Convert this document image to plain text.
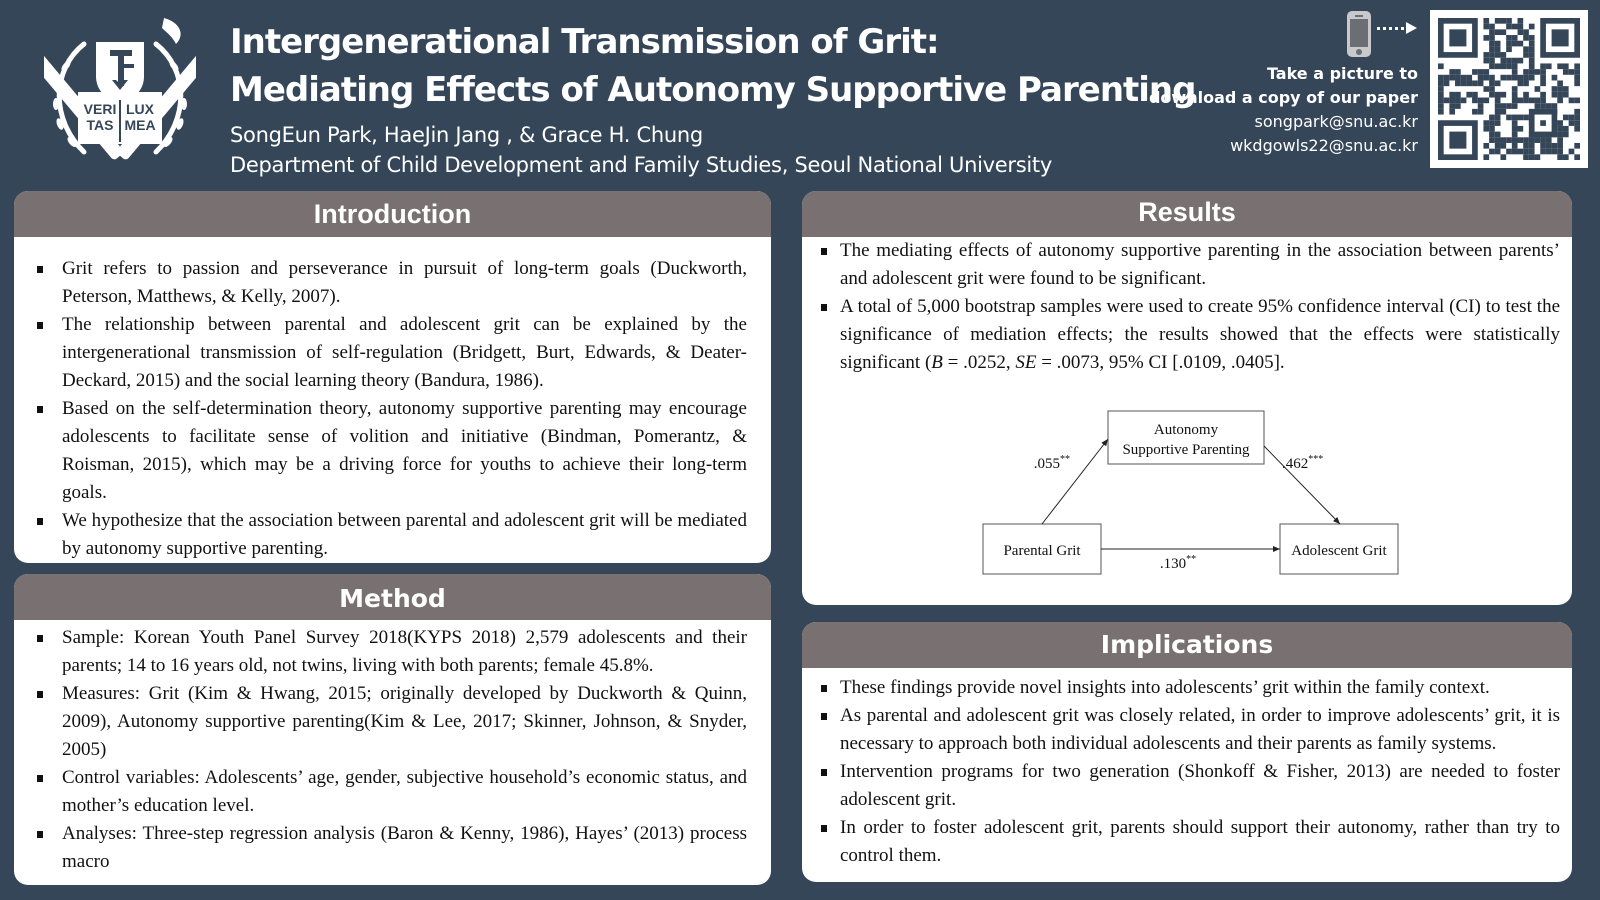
VERI
TAS
LUX
MEA
Intergenerational Transmission of Grit:
Mediating Effects of Autonomy Supportive Parenting
SongEun Park, HaeJin Jang , & Grace H. Chung
Department of Child Development and Family Studies, Seoul National University
Take a picture to
download a copy of our paper
songpark@snu.ac.kr
wkdgowls22@snu.ac.kr
Introduction
Grit refers to passion and perseverance in pursuit of long-term goals (Duckworth, Peterson, Matthews, & Kelly, 2007).
The relationship between parental and adolescent grit can be explained by the intergenerational transmission of self-regulation (Bridgett, Burt, Edwards, & Deater-Deckard, 2015) and the social learning theory (Bandura, 1986).
Based on the self-determination theory, autonomy supportive parenting may encourage adolescents to facilitate sense of volition and initiative (Bindman, Pomerantz, & Roisman, 2015), which may be a driving force for youths to achieve their long-term goals.
We hypothesize that the association between parental and adolescent grit will be mediated by autonomy supportive parenting.
Method
Sample: Korean Youth Panel Survey 2018(KYPS 2018) 2,579 adolescents and their parents; 14 to 16 years old, not twins, living with both parents; female 45.8%.
Measures: Grit (Kim & Hwang, 2015; originally developed by Duckworth & Quinn, 2009), Autonomy supportive parenting(Kim & Lee, 2017; Skinner, Johnson, & Snyder, 2005)
Control variables: Adolescents’ age, gender, subjective household’s economic status, and mother’s education level.
Analyses: Three-step regression analysis (Baron & Kenny, 1986), Hayes’ (2013) process macro
Results
The mediating effects of autonomy supportive parenting in the association between parents’ and adolescent grit were found to be significant.
A total of 5,000 bootstrap samples were used to create 95% confidence interval (CI) to test the significance of mediation effects; the results showed that the effects were statistically significant (B = .0252, SE = .0073, 95% CI [.0109, .0405].
Autonomy
Supportive Parenting
Parental Grit	Adolescent Grit
.055**	.462***
.130**
Implications
These findings provide novel insights into adolescents’ grit within the family context.
As parental and adolescent grit was closely related, in order to improve adolescents’ grit, it is necessary to approach both individual adolescents and their parents as family systems.
Intervention programs for two generation (Shonkoff & Fisher, 2013) are needed to foster adolescent grit.
In order to foster adolescent grit, parents should support their autonomy, rather than try to control them.
